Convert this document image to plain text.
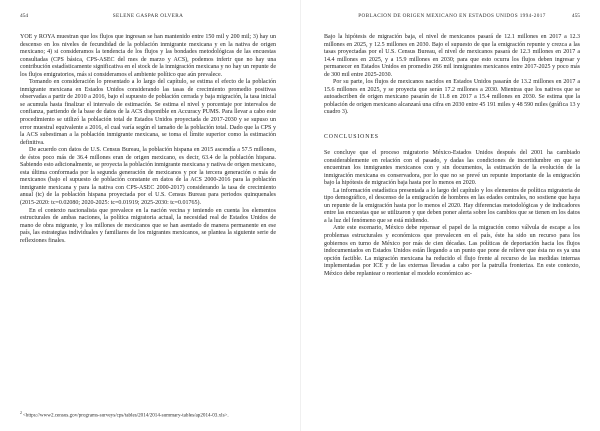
454	SELENE GASPAR OLVERA

YOE y ROYA muestran que los flujos que ingresan se han mantenido entre 150 mil y 200 mil; 3) hay un descenso en los niveles de fecundidad de la población inmigrante mexicana y en la nativa de origen mexicano; 4) si consideramos la tendencia de los flujos y las bondades metodológicas de las encuestas consultadas (CPS básica, CPS-ASEC del mes de marzo y ACS), podemos inferir que no hay una contribución estadísticamente significativa en el stock de la inmigración mexicana y no hay un repunte de los flujos emigratorios, más si consideramos el ambiente político que aún prevalece.

Tomando en consideración lo presentado a lo largo del capítulo, se estima el efecto de la población inmigrante mexicana en Estados Unidos considerando las tasas de crecimiento promedio positivas observadas a partir de 2010 a 2016, bajo el supuesto de población cerrada y baja migración, la tasa inicial se acumula hasta finalizar el intervalo de estimación. Se estima el nivel y porcentaje por intervalos de confianza, partiendo de la base de datos de la ACS disponible en Accuracy PUMS. Para llevar a cabo este procedimiento se utilizó la población total de Estados Unidos proyectada de 2017-2030 y se supuso un error muestral equivalente a 2016, el cual varía según el tamaño de la población total. Dado que la CPS y la ACS subestiman a la población inmigrante mexicana, se toma el límite superior como la estimación definitiva.

De acuerdo con datos de U.S. Census Bureau, la población hispana en 2015 ascendía a 57.5 millones, de éstos poco más de 36.4 millones eran de origen mexicano, es decir, 63.4 de la población hispana. Sabiendo esto adicionalmente, se proyecta la población inmigrante mexicana y nativa de origen mexicano, esta última conformada por la segunda generación de mexicanos y por la tercera generación o más de mexicanos (bajo el supuesto de población constante en datos de la ACS 2000-2016 para la población inmigrante mexicana y para la nativa con CPS-ASEC 2000-2017) considerando la tasa de crecimiento anual (tc) de la población hispana proyectada por el U.S. Census Bureau para periodos quinquenales (2015-2020: tc=0.02080; 2020-2025: tc=0.01919; 2025-2030: tc=0.01765).

En el contexto nacionalista que prevalece en la nación vecina y teniendo en cuenta los elementos estructurales de ambas naciones, la política migratoria actual, la necesidad real de Estados Unidos de mano de obra migrante, y los millones de mexicanos que se han asentado de manera permanente en ese país, las estrategias individuales y familiares de los migrantes mexicanos, se plantea la siguiente serie de reflexiones finales.

$^2$<https://www2.census.gov/programs-surveys/cps/tables/2014/2014-summary-tables/ap2014-03.xls>.
POBLACIÓN DE ORIGEN MEXICANO EN ESTADOS UNIDOS 1994-2017	455

Bajo la hipótesis de migración baja, el nivel de mexicanos pasará de 12.1 millones en 2017 a 12.3 millones en 2025, y 12.5 millones en 2030. Bajo el supuesto de que la emigración repunte y crezca a las tasas proyectadas por el U.S. Census Bureau, el nivel de mexicanos pasará de 12.3 millones en 2017 a 14.4 millones en 2025, y a 15.9 millones en 2030; para que esto ocurra los flujos deben ingresar y permanecer en Estados Unidos en promedio 266 mil inmigrantes mexicanos entre 2017-2025 y poco más de 300 mil entre 2025-2030.

Por su parte, los flujos de mexicanos nacidos en Estados Unidos pasarán de 13.2 millones en 2017 a 15.6 millones en 2025, y se proyecta que serán 17.2 millones a 2030. Mientras que los nativos que se autoadscriben de origen mexicano pasarán de 11.8 en 2017 a 15.4 millones en 2030. Se estima que la población de origen mexicano alcanzará una cifra en 2030 entre 45 191 miles y 48 590 miles (gráfica 13 y cuadro 3).

CONCLUSIONES

Se concluye que el proceso migratorio México-Estados Unidos después del 2001 ha cambiado considerablemente en relación con el pasado, y dadas las condiciones de incertidumbre en que se encuentran los inmigrantes mexicanos con y sin documentos, la estimación de la evolución de la inmigración mexicana es conservadora, por lo que no se prevé un repunte importante de la emigración bajo la hipótesis de migración baja hasta por lo menos en 2020.

La información estadística presentada a lo largo del capítulo y los elementos de política migratoria de tipo demográfico, el descenso de la emigración de hombres en las edades centrales, no sostiene que haya un repunte de la emigración hasta por lo menos el 2020. Hay diferencias metodológicas y de indicadores entre las encuestas que se utilizaron y que deben poner alerta sobre los cambios que se tienen en los datos a la luz del fenómeno que se está midiendo.

Ante este escenario, México debe repensar el papel de la migración como válvula de escape a los problemas estructurales y económicos que prevalecen en el país, éste ha sido un recurso para los gobiernos en turno de México por más de cien décadas. Las políticas de deportación hacia los flujos indocumentados en Estados Unidos están llegando a un punto que pone de relieve que ésta no es ya una opción factible. La migración mexicana ha reducido el flujo frente al recurso de las medidas internas implementadas por ICE y de las externas llevadas a cabo por la patrulla fronteriza. En este contexto, México debe replantear o reorientar el modelo económico ac-
